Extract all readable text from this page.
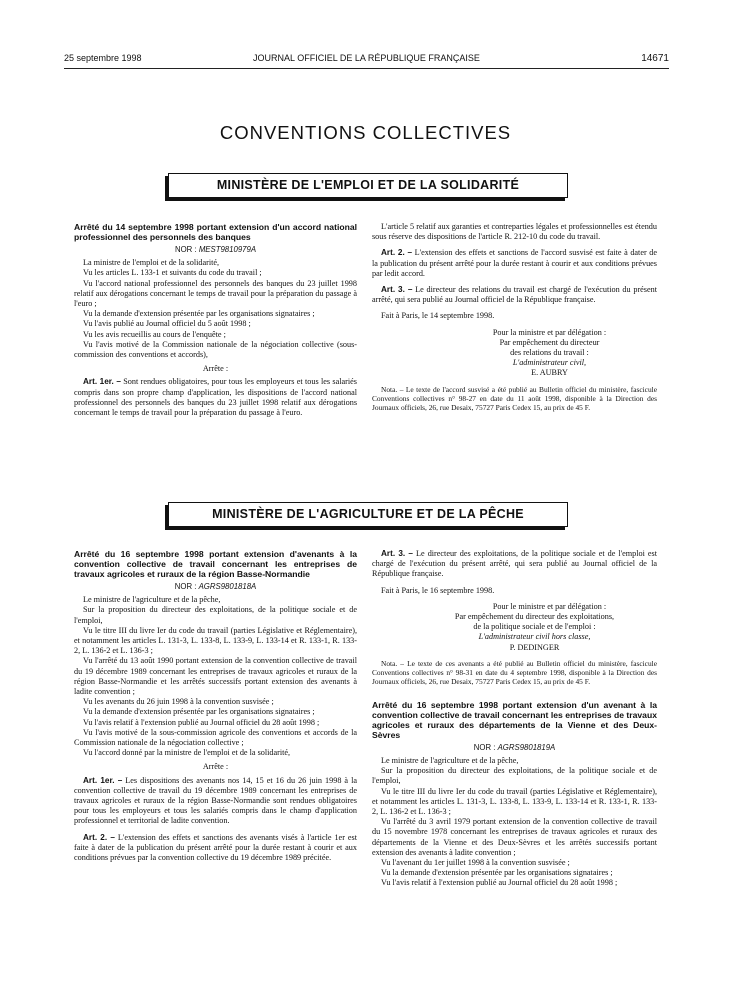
25 septembre 1998	JOURNAL OFFICIEL DE LA RÉPUBLIQUE FRANÇAISE	14671
CONVENTIONS COLLECTIVES
MINISTÈRE DE L'EMPLOI ET DE LA SOLIDARITÉ

Arrêté du 14 septembre 1998 portant extension d'un accord national professionnel des personnels des banques

NOR : MEST9810979A

La ministre de l'emploi et de la solidarité,

Vu les articles L. 133-1 et suivants du code du travail ;

Vu l'accord national professionnel des personnels des banques du 23 juillet 1998 relatif aux dérogations concernant le temps de travail pour la préparation du passage à l'euro ;

Vu la demande d'extension présentée par les organisations signataires ;

Vu l'avis publié au Journal officiel du 5 août 1998 ;

Vu les avis recueillis au cours de l'enquête ;

Vu l'avis motivé de la Commission nationale de la négociation collective (sous-commission des conventions et accords),

Arrête :

Art. 1er. – Sont rendues obligatoires, pour tous les employeurs et tous les salariés compris dans son propre champ d'application, les dispositions de l'accord national professionnel des personnels des banques du 23 juillet 1998 relatif aux dérogations concernant le temps de travail pour la préparation du passage à l'euro.

L'article 5 relatif aux garanties et contreparties légales et professionnelles est étendu sous réserve des dispositions de l'article R. 212-10 du code du travail.

Art. 2. – L'extension des effets et sanctions de l'accord susvisé est faite à dater de la publication du présent arrêté pour la durée restant à courir et aux conditions prévues par ledit accord.

Art. 3. – Le directeur des relations du travail est chargé de l'exécution du présent arrêté, qui sera publié au Journal officiel de la République française.

Fait à Paris, le 14 septembre 1998.

Pour la ministre et par délégation :

Par empêchement du directeur

des relations du travail :

L'administrateur civil,

E. AUBRY

Nota. – Le texte de l'accord susvisé a été publié au Bulletin officiel du ministère, fascicule Conventions collectives n° 98-27 en date du 11 août 1998, disponible à la Direction des Journaux officiels, 26, rue Desaix, 75727 Paris Cedex 15, au prix de 45 F.

MINISTÈRE DE L'AGRICULTURE ET DE LA PÊCHE

Arrêté du 16 septembre 1998 portant extension d'avenants à la convention collective de travail concernant les entreprises de travaux agricoles et ruraux de la région Basse-Normandie

NOR : AGRS9801818A

Le ministre de l'agriculture et de la pêche,

Sur la proposition du directeur des exploitations, de la politique sociale et de l'emploi,

Vu le titre III du livre Ier du code du travail (parties Législative et Réglementaire), et notamment les articles L. 131-3, L. 133-8, L. 133-9, L. 133-14 et R. 133-1, R. 133-2, L. 136-2 et L. 136-3 ;

Vu l'arrêté du 13 août 1990 portant extension de la convention collective de travail du 19 décembre 1989 concernant les entreprises de travaux agricoles et ruraux de la région Basse-Normandie et les arrêtés successifs portant extension des avenants à ladite convention ;

Vu les avenants du 26 juin 1998 à la convention susvisée ;

Vu la demande d'extension présentée par les organisations signataires ;

Vu l'avis relatif à l'extension publié au Journal officiel du 28 août 1998 ;

Vu l'avis motivé de la sous-commission agricole des conventions et accords de la Commission nationale de la négociation collective ;

Vu l'accord donné par la ministre de l'emploi et de la solidarité,

Arrête :

Art. 1er. – Les dispositions des avenants nos 14, 15 et 16 du 26 juin 1998 à la convention collective de travail du 19 décembre 1989 concernant les entreprises de travaux agricoles et ruraux de la région Basse-Normandie sont rendues obligatoires pour tous les employeurs et tous les salariés compris dans le champ d'application professionnel et territorial de ladite convention.

Art. 2. – L'extension des effets et sanctions des avenants visés à l'article 1er est faite à dater de la publication du présent arrêté pour la durée restant à courir et aux conditions prévues par la convention collective du 19 décembre 1989 précitée.

Art. 3. – Le directeur des exploitations, de la politique sociale et de l'emploi est chargé de l'exécution du présent arrêté, qui sera publié au Journal officiel de la République française.

Fait à Paris, le 16 septembre 1998.

Pour le ministre et par délégation :

Par empêchement du directeur des exploitations,

de la politique sociale et de l'emploi :

L'administrateur civil hors classe,

P. DEDINGER

Nota. – Le texte de ces avenants a été publié au Bulletin officiel du ministère, fascicule Conventions collectives n° 98-31 en date du 4 septembre 1998, disponible à la Direction des Journaux officiels, 26, rue Desaix, 75727 Paris Cedex 15, au prix de 45 F.

Arrêté du 16 septembre 1998 portant extension d'un avenant à la convention collective de travail concernant les entreprises de travaux agricoles et ruraux des départements de la Vienne et des Deux-Sèvres

NOR : AGRS9801819A

Le ministre de l'agriculture et de la pêche,

Sur la proposition du directeur des exploitations, de la politique sociale et de l'emploi,

Vu le titre III du livre Ier du code du travail (parties Législative et Réglementaire), et notamment les articles L. 131-3, L. 133-8, L. 133-9, L. 133-14 et R. 133-1, R. 133-2, L. 136-2 et L. 136-3 ;

Vu l'arrêté du 3 avril 1979 portant extension de la convention collective de travail du 15 novembre 1978 concernant les entreprises de travaux agricoles et ruraux des départements de la Vienne et des Deux-Sèvres et les arrêtés successifs portant extension des avenants à ladite convention ;

Vu l'avenant du 1er juillet 1998 à la convention susvisée ;

Vu la demande d'extension présentée par les organisations signataires ;

Vu l'avis relatif à l'extension publié au Journal officiel du 28 août 1998 ;
